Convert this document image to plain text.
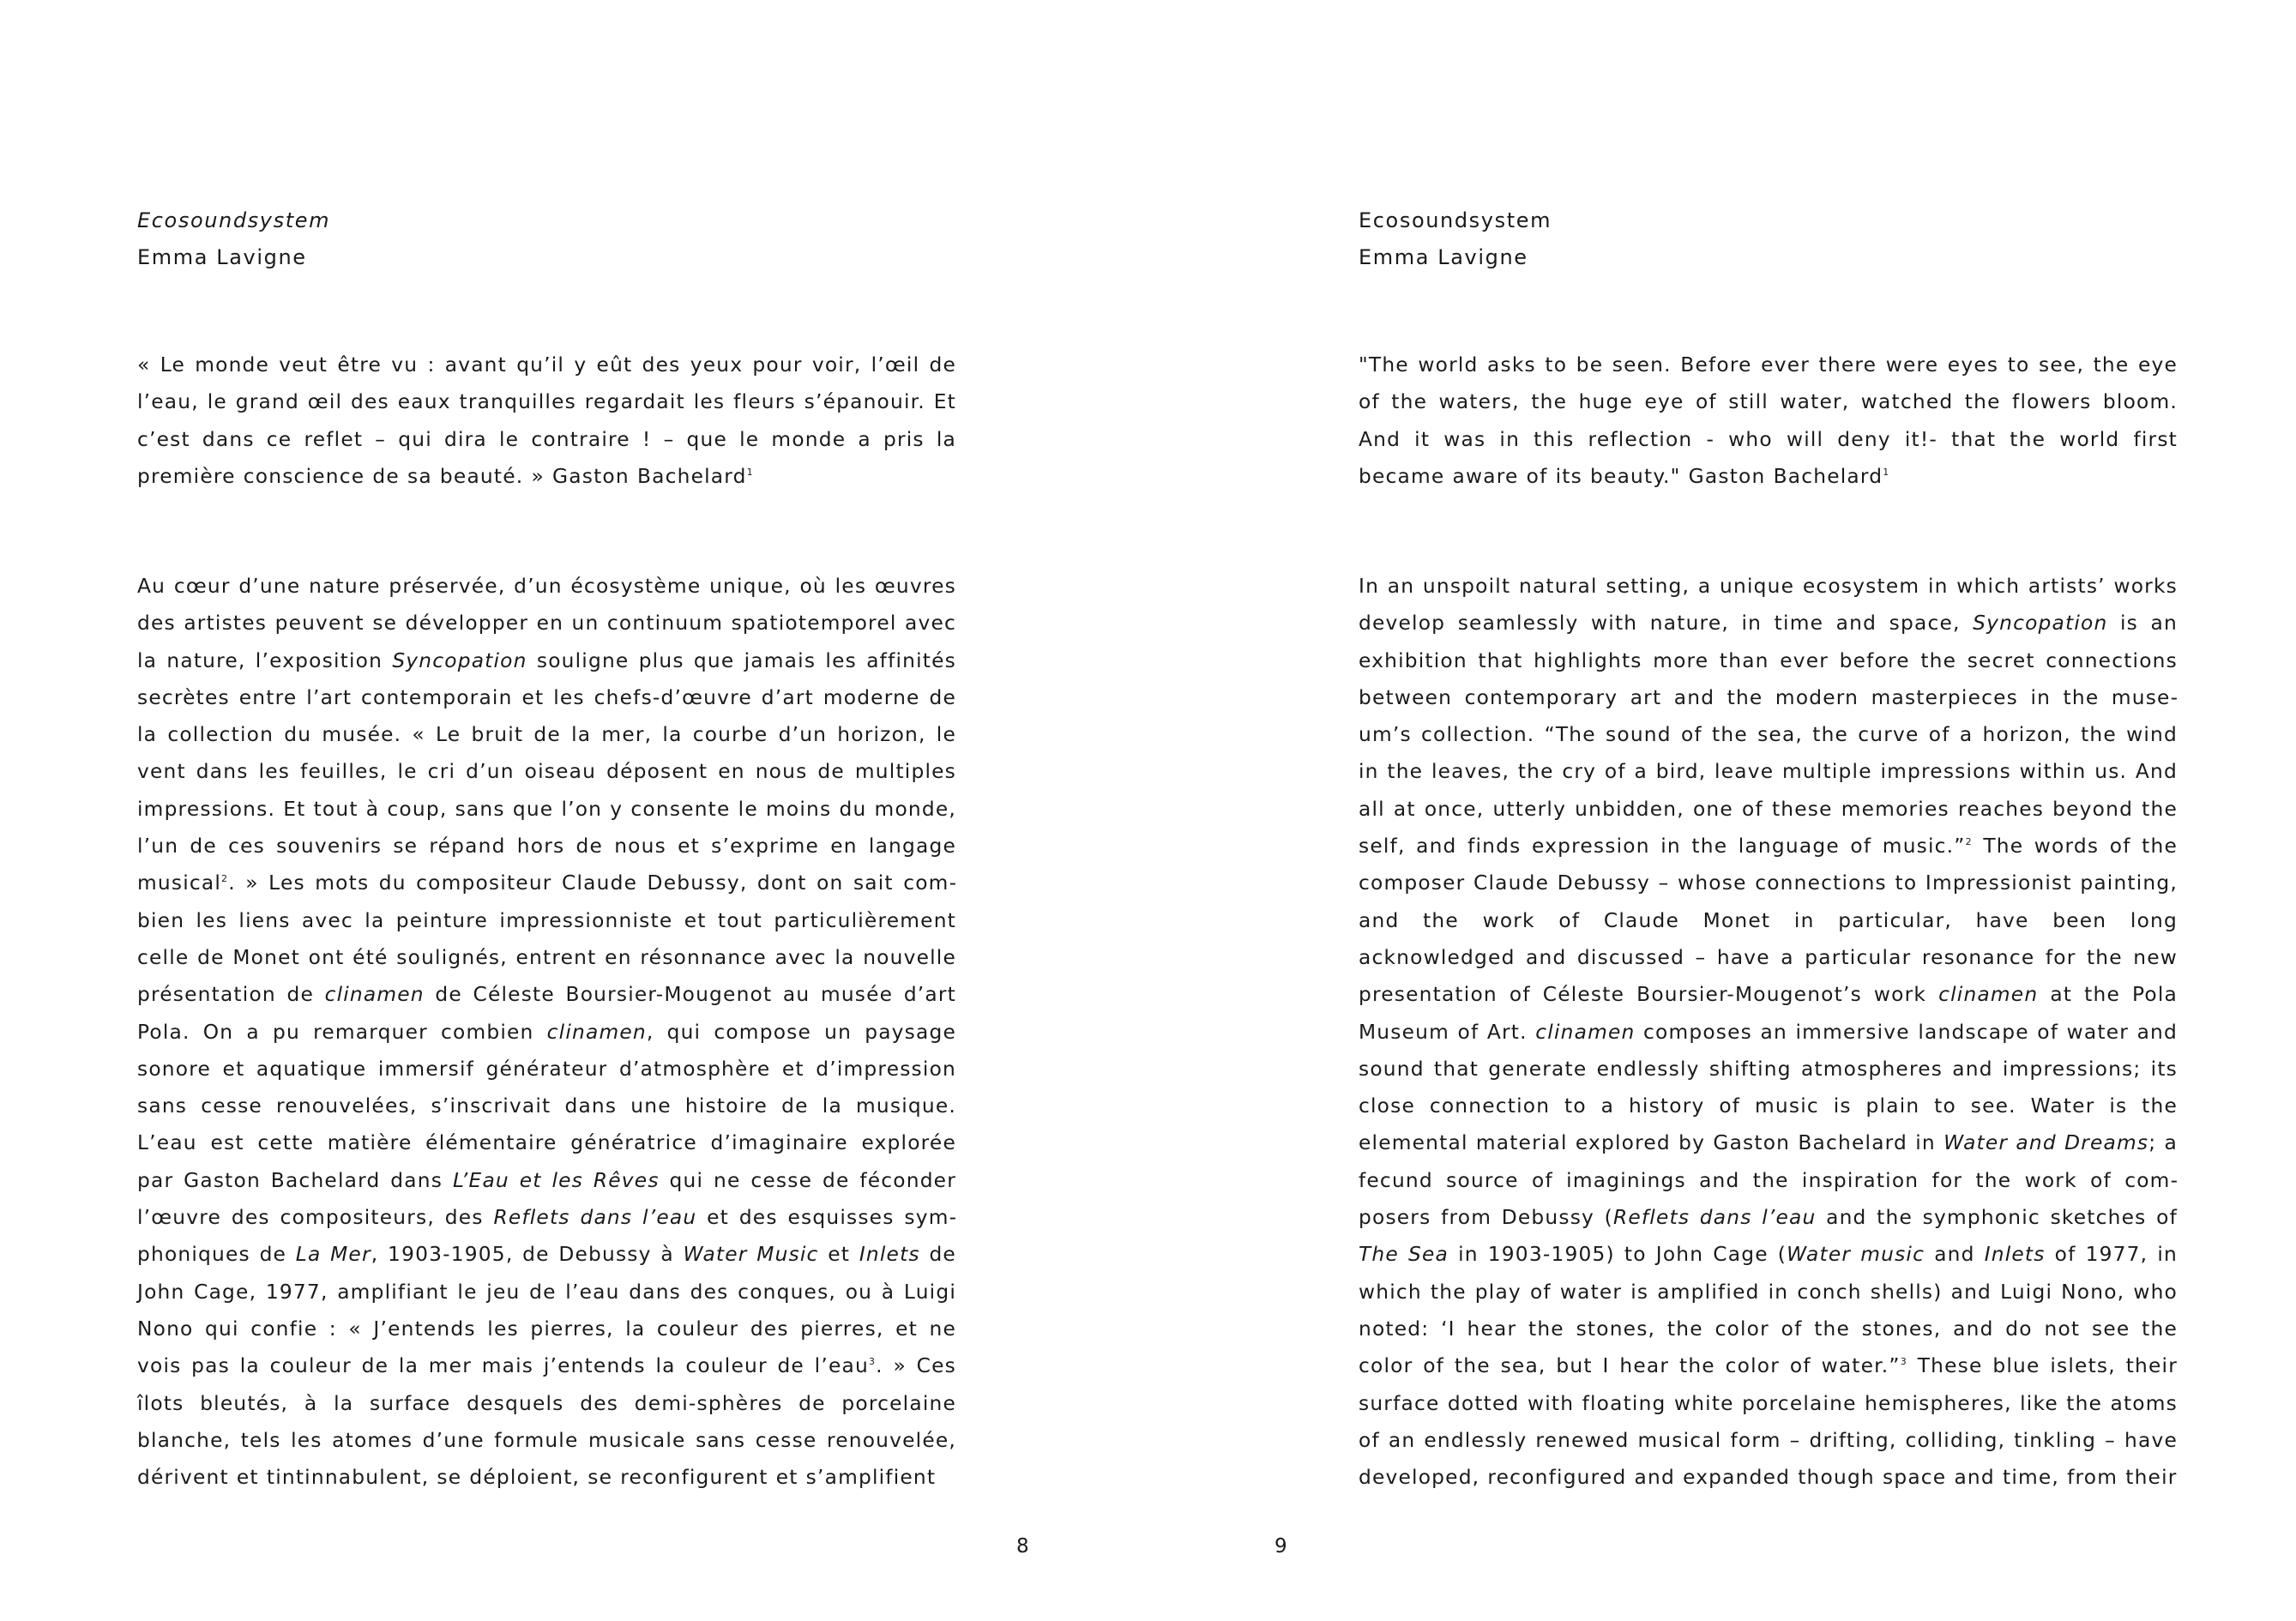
Ecosoundsystem

Emma Lavigne

« Le monde veut être vu : avant qu’il y eût des yeux pour voir, l’œil de l’eau, le grand œil des eaux tranquilles regardait les fleurs s’épanouir. Et c’est dans ce reflet – qui dira le contraire ! – que le monde a pris la première conscience de sa beauté. » Gaston Bachelard$^1$

Au cœur d’une nature préservée, d’un écosystème unique, où les œuvres des artistes peuvent se développer en un continuum spatiotemporel avec la nature, l’exposition Syncopation souligne plus que jamais les affinités secrètes entre l’art contemporain et les chefs-d’œuvre d’art moderne de la collection du musée. « Le bruit de la mer, la courbe d’un horizon, le vent dans les feuilles, le cri d’un oiseau déposent en nous de multiples impressions. Et tout à coup, sans que l’on y consente le moins du monde, l’un de ces souvenirs se répand hors de nous et s’exprime en langage musical$^2$. » Les mots du compositeur Claude Debussy, dont on sait combien les liens avec la peinture impressionniste et tout particulièrement celle de Monet ont été soulignés, entrent en résonnance avec la nouvelle présentation de clinamen de Céleste Boursier-Mougenot au musée d’art Pola. On a pu remarquer combien clinamen, qui compose un paysage sonore et aquatique immersif générateur d’atmosphère et d’impression sans cesse renouvelées, s’inscrivait dans une histoire de la musique. L’eau est cette matière élémentaire génératrice d’imaginaire explorée par Gaston Bachelard dans L’Eau et les Rêves qui ne cesse de féconder l’œuvre des compositeurs, des Reflets dans l’eau et des esquisses symphoniques de La Mer, 1903-1905, de Debussy à Water Music et Inlets de John Cage, 1977, amplifiant le jeu de l’eau dans des conques, ou à Luigi Nono qui confie : « J’entends les pierres, la couleur des pierres, et ne vois pas la couleur de la mer mais j’entends la couleur de l’eau$^3$. » Ces îlots bleutés, à la surface desquels des demi-sphères de porcelaine blanche, tels les atomes d’une formule musicale sans cesse renouvelée, dérivent et tintinnabulent, se déploient, se reconfigurent et s’amplifient

8

Ecosoundsystem

Emma Lavigne

"The world asks to be seen. Before ever there were eyes to see, the eye of the waters, the huge eye of still water, watched the flowers bloom. And it was in this reflection - who will deny it!- that the world first became aware of its beauty." Gaston Bachelard$^1$

In an unspoilt natural setting, a unique ecosystem in which artists’ works develop seamlessly with nature, in time and space, Syncopation is an exhibition that highlights more than ever before the secret connections between contemporary art and the modern masterpieces in the museum’s collection. “The sound of the sea, the curve of a horizon, the wind in the leaves, the cry of a bird, leave multiple impressions within us. And all at once, utterly unbidden, one of these memories reaches beyond the self, and finds expression in the language of music.”$^2$ The words of the composer Claude Debussy – whose connections to Impressionist painting, and the work of Claude Monet in particular, have been long acknowledged and discussed – have a particular resonance for the new presentation of Céleste Boursier-Mougenot’s work clinamen at the Pola Museum of Art. clinamen composes an immersive landscape of water and sound that generate endlessly shifting atmospheres and impressions; its close connection to a history of music is plain to see. Water is the elemental material explored by Gaston Bachelard in Water and Dreams; a fecund source of imaginings and the inspiration for the work of composers from Debussy (Reflets dans l’eau and the symphonic sketches of The Sea in 1903-1905) to John Cage (Water music and Inlets of 1977, in which the play of water is amplified in conch shells) and Luigi Nono, who noted: ‘I hear the stones, the color of the stones, and do not see the color of the sea, but I hear the color of water.”$^3$ These blue islets, their surface dotted with floating white porcelaine hemispheres, like the atoms of an endlessly renewed musical form – drifting, colliding, tinkling – have developed, reconfigured and expanded though space and time, from their

9
